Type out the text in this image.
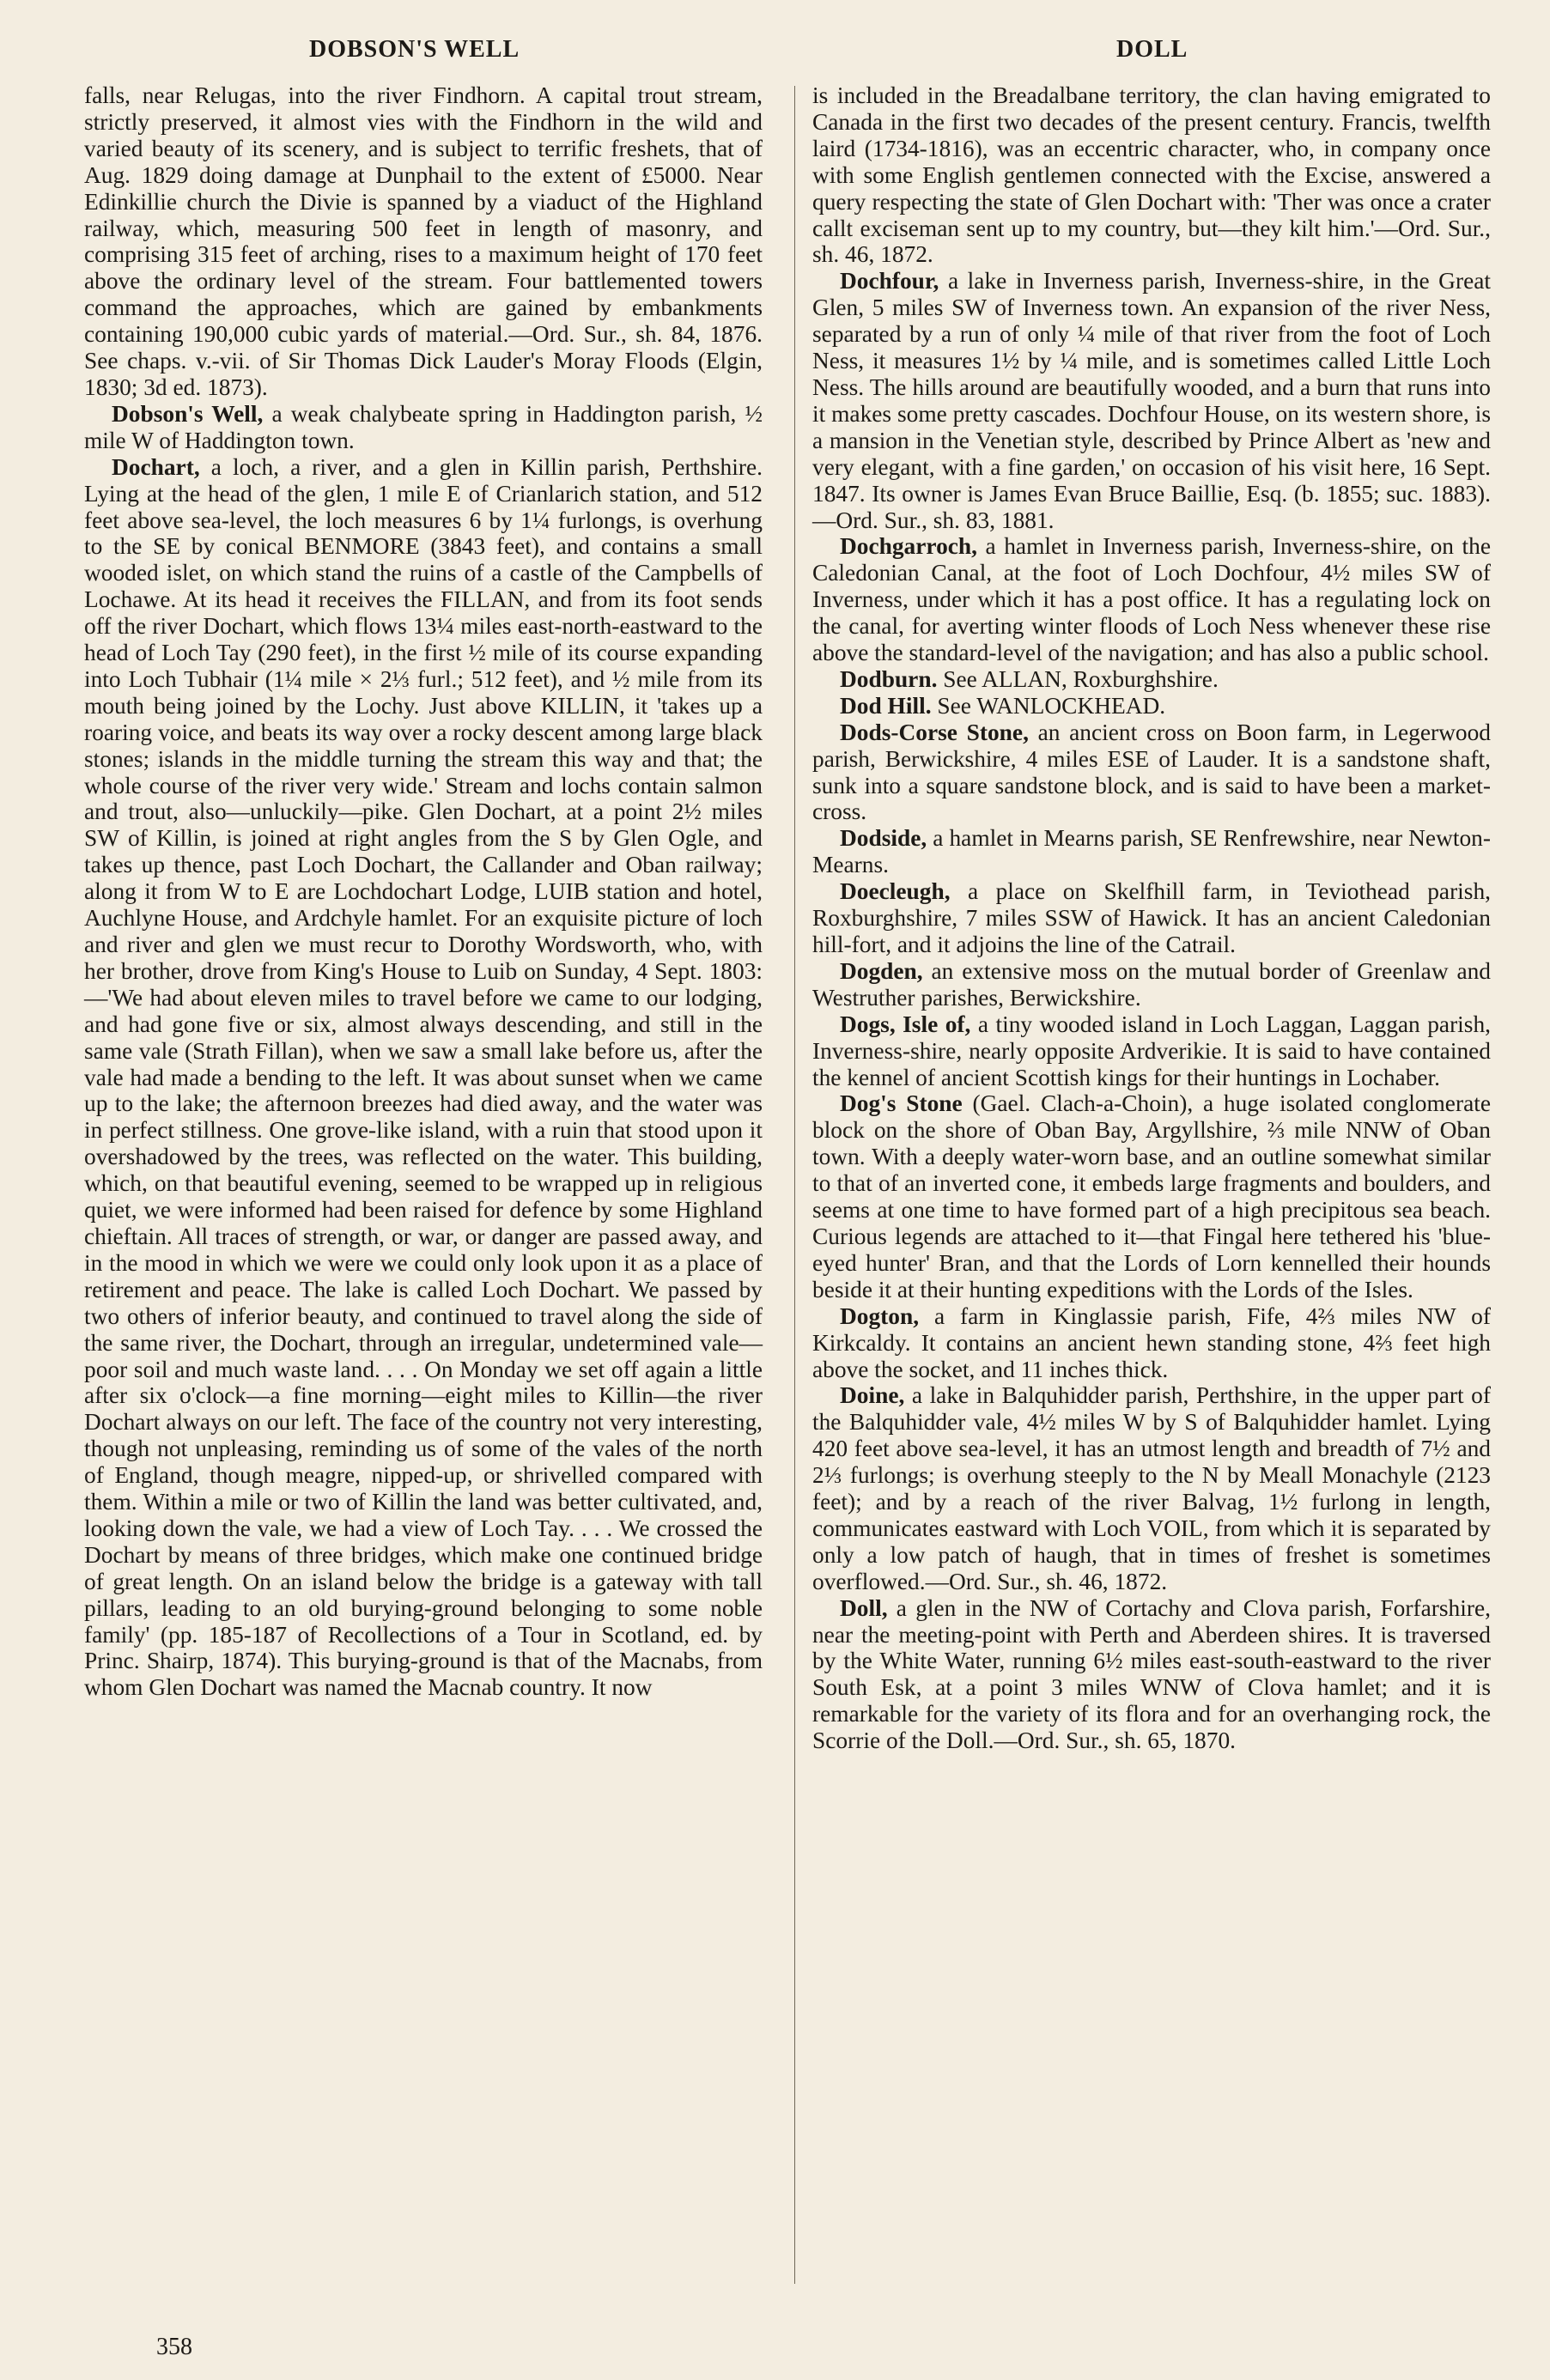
DOBSON'S WELL	DOLL

falls, near Relugas, into the river Findhorn. A capital trout stream, strictly preserved, it almost vies with the Findhorn in the wild and varied beauty of its scenery, and is subject to terrific freshets, that of Aug. 1829 doing damage at Dunphail to the extent of £5000. Near Edinkillie church the Divie is spanned by a viaduct of the Highland railway, which, measuring 500 feet in length of masonry, and comprising 315 feet of arching, rises to a maximum height of 170 feet above the ordinary level of the stream. Four battlemented towers command the approaches, which are gained by embankments containing 190,000 cubic yards of material.—Ord. Sur., sh. 84, 1876. See chaps. v.-vii. of Sir Thomas Dick Lauder's Moray Floods (Elgin, 1830; 3d ed. 1873).

Dobson's Well, a weak chalybeate spring in Haddington parish, ½ mile W of Haddington town.

Dochart, a loch, a river, and a glen in Killin parish, Perthshire. Lying at the head of the glen, 1 mile E of Crianlarich station, and 512 feet above sea-level, the loch measures 6 by 1¼ furlongs, is overhung to the SE by conical BENMORE (3843 feet), and contains a small wooded islet, on which stand the ruins of a castle of the Campbells of Lochawe. At its head it receives the FILLAN, and from its foot sends off the river Dochart, which flows 13¼ miles east-north-eastward to the head of Loch Tay (290 feet), in the first ½ mile of its course expanding into Loch Tubhair (1¼ mile × 2⅓ furl.; 512 feet), and ½ mile from its mouth being joined by the Lochy. Just above KILLIN, it 'takes up a roaring voice, and beats its way over a rocky descent among large black stones; islands in the middle turning the stream this way and that; the whole course of the river very wide.' Stream and lochs contain salmon and trout, also—unluckily—pike. Glen Dochart, at a point 2½ miles SW of Killin, is joined at right angles from the S by Glen Ogle, and takes up thence, past Loch Dochart, the Callander and Oban railway; along it from W to E are Lochdochart Lodge, LUIB station and hotel, Auchlyne House, and Ardchyle hamlet. For an exquisite picture of loch and river and glen we must recur to Dorothy Wordsworth, who, with her brother, drove from King's House to Luib on Sunday, 4 Sept. 1803:—'We had about eleven miles to travel before we came to our lodging, and had gone five or six, almost always descending, and still in the same vale (Strath Fillan), when we saw a small lake before us, after the vale had made a bending to the left. It was about sunset when we came up to the lake; the afternoon breezes had died away, and the water was in perfect stillness. One grove-like island, with a ruin that stood upon it overshadowed by the trees, was reflected on the water. This building, which, on that beautiful evening, seemed to be wrapped up in religious quiet, we were informed had been raised for defence by some Highland chieftain. All traces of strength, or war, or danger are passed away, and in the mood in which we were we could only look upon it as a place of retirement and peace. The lake is called Loch Dochart. We passed by two others of inferior beauty, and continued to travel along the side of the same river, the Dochart, through an irregular, undetermined vale—poor soil and much waste land. . . . On Monday we set off again a little after six o'clock—a fine morning—eight miles to Killin—the river Dochart always on our left. The face of the country not very interesting, though not unpleasing, reminding us of some of the vales of the north of England, though meagre, nipped-up, or shrivelled compared with them. Within a mile or two of Killin the land was better cultivated, and, looking down the vale, we had a view of Loch Tay. . . . We crossed the Dochart by means of three bridges, which make one continued bridge of great length. On an island below the bridge is a gateway with tall pillars, leading to an old burying-ground belonging to some noble family' (pp. 185-187 of Recollections of a Tour in Scotland, ed. by Princ. Shairp, 1874). This burying-ground is that of the Macnabs, from whom Glen Dochart was named the Macnab country. It now

is included in the Breadalbane territory, the clan having emigrated to Canada in the first two decades of the present century. Francis, twelfth laird (1734-1816), was an eccentric character, who, in company once with some English gentlemen connected with the Excise, answered a query respecting the state of Glen Dochart with: 'Ther was once a crater callt exciseman sent up to my country, but—they kilt him.'—Ord. Sur., sh. 46, 1872.

Dochfour, a lake in Inverness parish, Inverness-shire, in the Great Glen, 5 miles SW of Inverness town. An expansion of the river Ness, separated by a run of only ¼ mile of that river from the foot of Loch Ness, it measures 1½ by ¼ mile, and is sometimes called Little Loch Ness. The hills around are beautifully wooded, and a burn that runs into it makes some pretty cascades. Dochfour House, on its western shore, is a mansion in the Venetian style, described by Prince Albert as 'new and very elegant, with a fine garden,' on occasion of his visit here, 16 Sept. 1847. Its owner is James Evan Bruce Baillie, Esq. (b. 1855; suc. 1883).—Ord. Sur., sh. 83, 1881.

Dochgarroch, a hamlet in Inverness parish, Inverness-shire, on the Caledonian Canal, at the foot of Loch Dochfour, 4½ miles SW of Inverness, under which it has a post office. It has a regulating lock on the canal, for averting winter floods of Loch Ness whenever these rise above the standard-level of the navigation; and has also a public school.

Dodburn. See ALLAN, Roxburghshire.

Dod Hill. See WANLOCKHEAD.

Dods-Corse Stone, an ancient cross on Boon farm, in Legerwood parish, Berwickshire, 4 miles ESE of Lauder. It is a sandstone shaft, sunk into a square sandstone block, and is said to have been a market-cross.

Dodside, a hamlet in Mearns parish, SE Renfrewshire, near Newton-Mearns.

Doecleugh, a place on Skelfhill farm, in Teviothead parish, Roxburghshire, 7 miles SSW of Hawick. It has an ancient Caledonian hill-fort, and it adjoins the line of the Catrail.

Dogden, an extensive moss on the mutual border of Greenlaw and Westruther parishes, Berwickshire.

Dogs, Isle of, a tiny wooded island in Loch Laggan, Laggan parish, Inverness-shire, nearly opposite Ardverikie. It is said to have contained the kennel of ancient Scottish kings for their huntings in Lochaber.

Dog's Stone (Gael. Clach-a-Choin), a huge isolated conglomerate block on the shore of Oban Bay, Argyllshire, ⅔ mile NNW of Oban town. With a deeply water-worn base, and an outline somewhat similar to that of an inverted cone, it embeds large fragments and boulders, and seems at one time to have formed part of a high precipitous sea beach. Curious legends are attached to it—that Fingal here tethered his 'blue-eyed hunter' Bran, and that the Lords of Lorn kennelled their hounds beside it at their hunting expeditions with the Lords of the Isles.

Dogton, a farm in Kinglassie parish, Fife, 4⅔ miles NW of Kirkcaldy. It contains an ancient hewn standing stone, 4⅔ feet high above the socket, and 11 inches thick.

Doine, a lake in Balquhidder parish, Perthshire, in the upper part of the Balquhidder vale, 4½ miles W by S of Balquhidder hamlet. Lying 420 feet above sea-level, it has an utmost length and breadth of 7½ and 2⅓ furlongs; is overhung steeply to the N by Meall Monachyle (2123 feet); and by a reach of the river Balvag, 1½ furlong in length, communicates eastward with Loch VOIL, from which it is separated by only a low patch of haugh, that in times of freshet is sometimes overflowed.—Ord. Sur., sh. 46, 1872.

Doll, a glen in the NW of Cortachy and Clova parish, Forfarshire, near the meeting-point with Perth and Aberdeen shires. It is traversed by the White Water, running 6½ miles east-south-eastward to the river South Esk, at a point 3 miles WNW of Clova hamlet; and it is remarkable for the variety of its flora and for an overhanging rock, the Scorrie of the Doll.—Ord. Sur., sh. 65, 1870.

358
